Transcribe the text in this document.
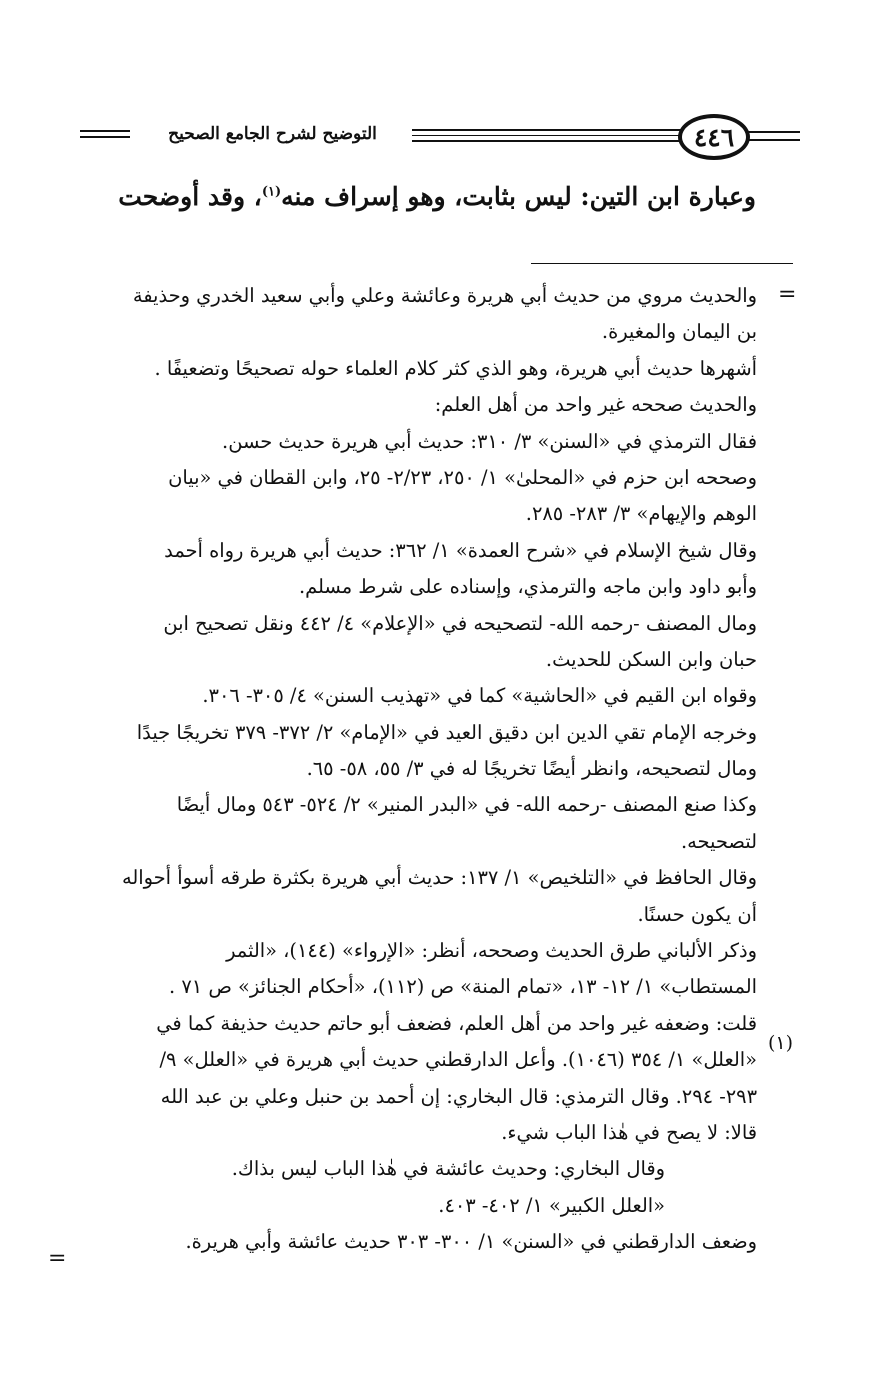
التوضيح لشرح الجامع الصحيح	٤٤٦
وعبارة ابن التين: ليس بثابت، وهو إسراف منه$^{(١)}$، وقد أوضحت
=
(١)
=
والحديث مروي من حديث أبي هريرة وعائشة وعلي وأبي سعيد الخدري وحذيفة
بن اليمان والمغيرة.
أشهرها حديث أبي هريرة، وهو الذي كثر كلام العلماء حوله تصحيحًا وتضعيفًا .
والحديث صححه غير واحد من أهل العلم:
فقال الترمذي في «السنن» ٣/ ٣١٠: حديث أبي هريرة حديث حسن.
وصححه ابن حزم في «المحلىٰ» ١/ ٢٥٠، ٢/٢٣- ٢٥، وابن القطان في «بيان
الوهم والإيهام» ٣/ ٢٨٣- ٢٨٥.
وقال شيخ الإسلام في «شرح العمدة» ١/ ٣٦٢: حديث أبي هريرة رواه أحمد
وأبو داود وابن ماجه والترمذي، وإسناده على شرط مسلم.
ومال المصنف -رحمه الله- لتصحيحه في «الإعلام» ٤/ ٤٤٢ ونقل تصحيح ابن
حبان وابن السكن للحديث.
وقواه ابن القيم في «الحاشية» كما في «تهذيب السنن» ٤/ ٣٠٥- ٣٠٦.
وخرجه الإمام تقي الدين ابن دقيق العيد في «الإمام» ٢/ ٣٧٢- ٣٧٩ تخريجًا جيدًا
ومال لتصحيحه، وانظر أيضًا تخريجًا له في ٣/ ٥٥، ٥٨- ٦٥.
وكذا صنع المصنف -رحمه الله- في «البدر المنير» ٢/ ٥٢٤- ٥٤٣ ومال أيضًا
لتصحيحه.
وقال الحافظ في «التلخيص» ١/ ١٣٧: حديث أبي هريرة بكثرة طرقه أسوأ أحواله
أن يكون حسنًا.
وذكر الألباني طرق الحديث وصححه، أنظر: «الإرواء» (١٤٤)، «الثمر
المستطاب» ١/ ١٢- ١٣، «تمام المنة» ص (١١٢)، «أحكام الجنائز» ص ٧١ .
قلت: وضعفه غير واحد من أهل العلم، فضعف أبو حاتم حديث حذيفة كما في
«العلل» ١/ ٣٥٤ (١٠٤٦). وأعل الدارقطني حديث أبي هريرة في «العلل» ٩/
٢٩٣- ٢٩٤. وقال الترمذي: قال البخاري: إن أحمد بن حنبل وعلي بن عبد الله
قالا: لا يصح في هٰذا الباب شيء.
وقال البخاري: وحديث عائشة في هٰذا الباب ليس بذاك.
«العلل الكبير» ١/ ٤٠٢- ٤٠٣.
وضعف الدارقطني في «السنن» ١/ ٣٠٠- ٣٠٣ حديث عائشة وأبي هريرة.
